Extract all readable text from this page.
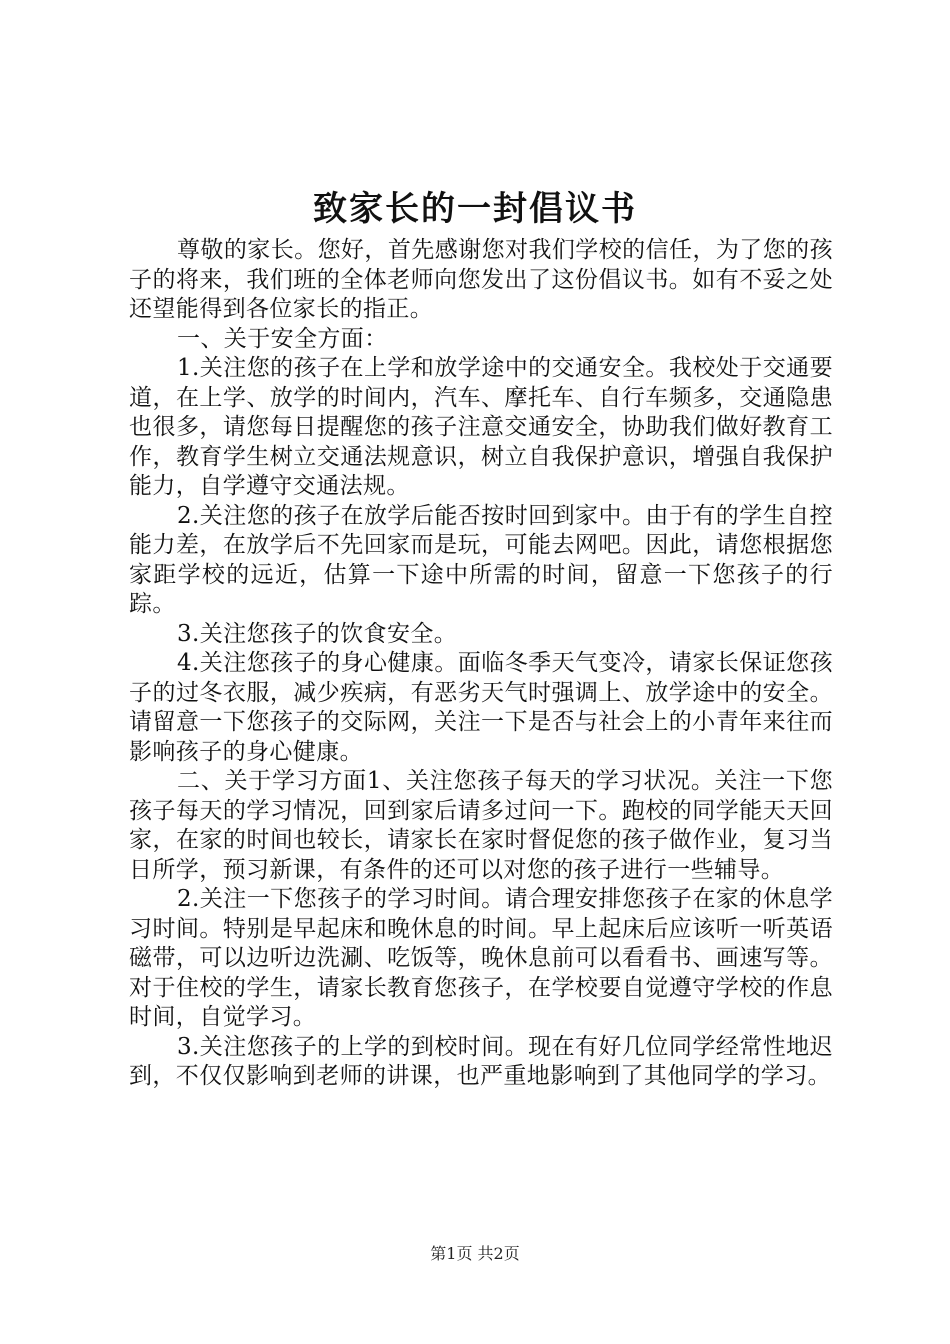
致家长的一封倡议书

尊敬的家长。您好，首先感谢您对我们学校的信任，为了您的孩子的将来，我们班的全体老师向您发出了这份倡议书。如有不妥之处还望能得到各位家长的指正。

一、关于安全方面：

1.关注您的孩子在上学和放学途中的交通安全。我校处于交通要道，在上学、放学的时间内，汽车、摩托车、自行车频多，交通隐患也很多，请您每日提醒您的孩子注意交通安全，协助我们做好教育工作，教育学生树立交通法规意识，树立自我保护意识，增强自我保护能力，自学遵守交通法规。

2.关注您的孩子在放学后能否按时回到家中。由于有的学生自控能力差，在放学后不先回家而是玩，可能去网吧。因此，请您根据您家距学校的远近，估算一下途中所需的时间，留意一下您孩子的行踪。

3.关注您孩子的饮食安全。

4.关注您孩子的身心健康。面临冬季天气变冷，请家长保证您孩子的过冬衣服，减少疾病，有恶劣天气时强调上、放学途中的安全。请留意一下您孩子的交际网，关注一下是否与社会上的小青年来往而影响孩子的身心健康。

二、关于学习方面1、关注您孩子每天的学习状况。关注一下您孩子每天的学习情况，回到家后请多过问一下。跑校的同学能天天回家，在家的时间也较长，请家长在家时督促您的孩子做作业，复习当日所学，预习新课，有条件的还可以对您的孩子进行一些辅导。

2.关注一下您孩子的学习时间。请合理安排您孩子在家的休息学习时间。特别是早起床和晚休息的时间。早上起床后应该听一听英语磁带，可以边听边洗涮、吃饭等，晚休息前可以看看书、画速写等。对于住校的学生，请家长教育您孩子，在学校要自觉遵守学校的作息时间，自觉学习。

3.关注您孩子的上学的到校时间。现在有好几位同学经常性地迟到，不仅仅影响到老师的讲课，也严重地影响到了其他同学的学习。

第1页 共2页
